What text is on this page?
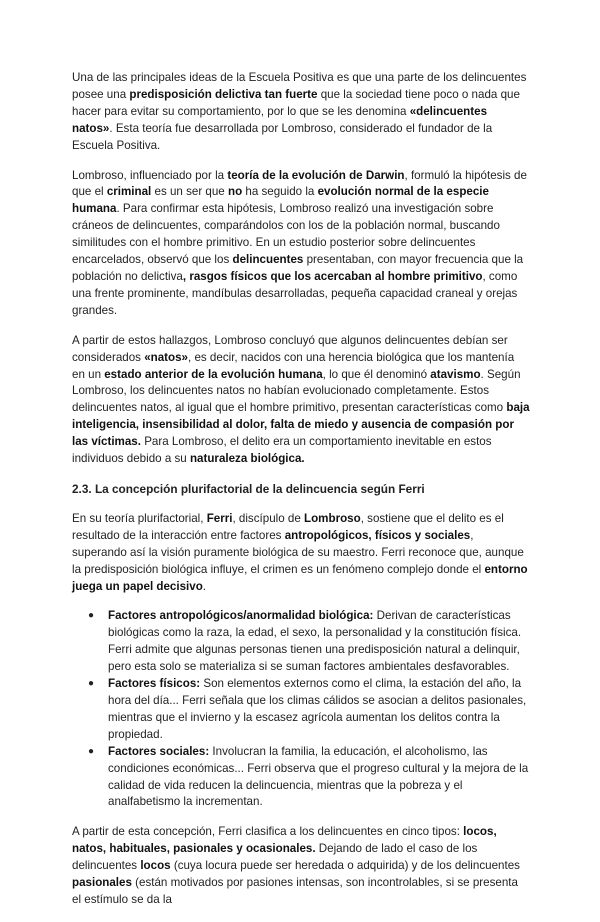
Una de las principales ideas de la Escuela Positiva es que una parte de los delincuentes posee una predisposición delictiva tan fuerte que la sociedad tiene poco o nada que hacer para evitar su comportamiento, por lo que se les denomina «delincuentes natos». Esta teoría fue desarrollada por Lombroso, considerado el fundador de la Escuela Positiva.

Lombroso, influenciado por la teoría de la evolución de Darwin, formuló la hipótesis de que el criminal es un ser que no ha seguido la evolución normal de la especie humana. Para confirmar esta hipótesis, Lombroso realizó una investigación sobre cráneos de delincuentes, comparándolos con los de la población normal, buscando similitudes con el hombre primitivo. En un estudio posterior sobre delincuentes encarcelados, observó que los delincuentes presentaban, con mayor frecuencia que la población no delictiva, rasgos físicos que los acercaban al hombre primitivo, como una frente prominente, mandíbulas desarrolladas, pequeña capacidad craneal y orejas grandes.

A partir de estos hallazgos, Lombroso concluyó que algunos delincuentes debían ser considerados «natos», es decir, nacidos con una herencia biológica que los mantenía en un estado anterior de la evolución humana, lo que él denominó atavismo. Según Lombroso, los delincuentes natos no habían evolucionado completamente. Estos delincuentes natos, al igual que el hombre primitivo, presentan características como baja inteligencia, insensibilidad al dolor, falta de miedo y ausencia de compasión por las víctimas. Para Lombroso, el delito era un comportamiento inevitable en estos individuos debido a su naturaleza biológica.

2.3. La concepción plurifactorial de la delincuencia según Ferri

En su teoría plurifactorial, Ferri, discípulo de Lombroso, sostiene que el delito es el resultado de la interacción entre factores antropológicos, físicos y sociales, superando así la visión puramente biológica de su maestro. Ferri reconoce que, aunque la predisposición biológica influye, el crimen es un fenómeno complejo donde el entorno juega un papel decisivo.

● Factores antropológicos/anormalidad biológica: Derivan de características biológicas como la raza, la edad, el sexo, la personalidad y la constitución física. Ferri admite que algunas personas tienen una predisposición natural a delinquir, pero esta solo se materializa si se suman factores ambientales desfavorables.
● Factores físicos: Son elementos externos como el clima, la estación del año, la hora del día... Ferri señala que los climas cálidos se asocian a delitos pasionales, mientras que el invierno y la escasez agrícola aumentan los delitos contra la propiedad.
● Factores sociales: Involucran la familia, la educación, el alcoholismo, las condiciones económicas... Ferri observa que el progreso cultural y la mejora de la calidad de vida reducen la delincuencia, mientras que la pobreza y el analfabetismo la incrementan.

A partir de esta concepción, Ferri clasifica a los delincuentes en cinco tipos: locos, natos, habituales, pasionales y ocasionales. Dejando de lado el caso de los delincuentes locos (cuya locura puede ser heredada o adquirida) y de los delincuentes pasionales (están motivados por pasiones intensas, son incontrolables, si se presenta el estímulo se da la
